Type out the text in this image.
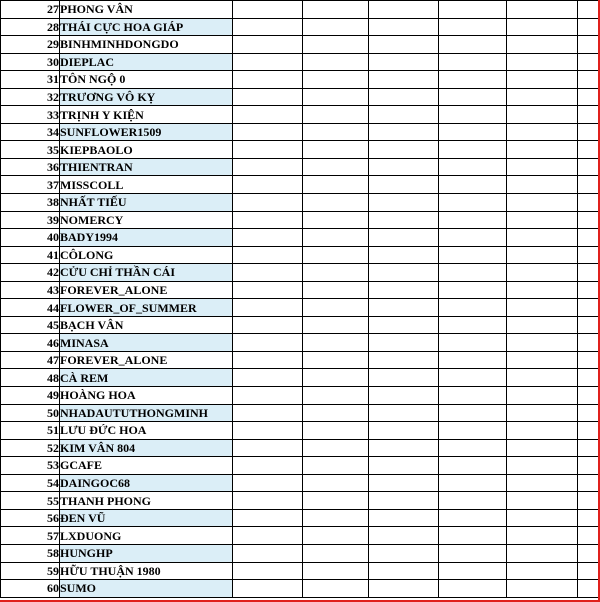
27	PHONG VÂN						
28	THÁI CỰC HOA GIÁP						
29	BINHMINHDONGDO						
30	DIEPLAC						
31	TÔN NGỘ 0						
32	TRƯƠNG VÔ KỴ						
33	TRỊNH Y KIỆN						
34	SUNFLOWER1509						
35	KIEPBAOLO						
36	THIENTRAN						
37	MISSCOLL						
38	NHẤT TIẾU						
39	NOMERCY						
40	BADY1994						
41	CÔLONG						
42	CỬU CHỈ THẦN CÁI						
43	FOREVER_ALONE						
44	FLOWER_OF_SUMMER						
45	BẠCH VÂN						
46	MINASA						
47	FOREVER_ALONE						
48	CÀ REM						
49	HOÀNG HOA						
50	NHADAUTUTHONGMINH						
51	LƯU ĐỨC HOA						
52	KIM VÂN 804						
53	GCAFE						
54	DAINGOC68						
55	THANH PHONG						
56	ĐEN VŨ						
57	LXDUONG						
58	HUNGHP						
59	HỮU THUẬN 1980						
60	SUMO						
